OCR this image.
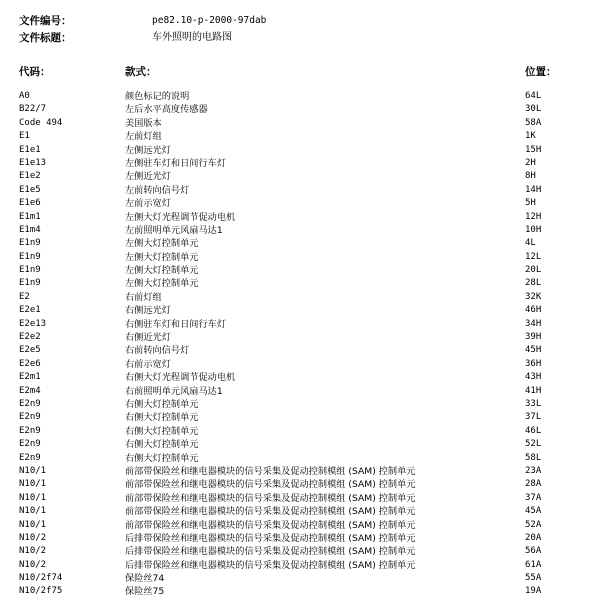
文件编号：	pe82.10-p-2000-97dab
文件标题：	车外照明的电路图
代码：	款式：	位置：
A0	颜色标记的说明	64L
B22/7	左后水平高度传感器	30L
Code 494	美国版本	58A
E1	左前灯组	1K
E1e1	左侧远光灯	15H
E1e13	左侧驻车灯和日间行车灯	2H
E1e2	左侧近光灯	8H
E1e5	左前转向信号灯	14H
E1e6	左前示宽灯	5H
E1m1	左侧大灯光程调节促动电机	12H
E1m4	左前照明单元风扇马达1	10H
E1n9	左侧大灯控制单元	4L
E1n9	左侧大灯控制单元	12L
E1n9	左侧大灯控制单元	20L
E1n9	左侧大灯控制单元	28L
E2	右前灯组	32K
E2e1	右侧远光灯	46H
E2e13	右侧驻车灯和日间行车灯	34H
E2e2	右侧近光灯	39H
E2e5	右前转向信号灯	45H
E2e6	右前示宽灯	36H
E2m1	右侧大灯光程调节促动电机	43H
E2m4	右前照明单元风扇马达1	41H
E2n9	右侧大灯控制单元	33L
E2n9	右侧大灯控制单元	37L
E2n9	右侧大灯控制单元	46L
E2n9	右侧大灯控制单元	52L
E2n9	右侧大灯控制单元	58L
N10/1	前部带保险丝和继电器模块的信号采集及促动控制模组 (SAM) 控制单元	23A
N10/1	前部带保险丝和继电器模块的信号采集及促动控制模组 (SAM) 控制单元	28A
N10/1	前部带保险丝和继电器模块的信号采集及促动控制模组 (SAM) 控制单元	37A
N10/1	前部带保险丝和继电器模块的信号采集及促动控制模组 (SAM) 控制单元	45A
N10/1	前部带保险丝和继电器模块的信号采集及促动控制模组 (SAM) 控制单元	52A
N10/2	后排带保险丝和继电器模块的信号采集及促动控制模组 (SAM) 控制单元	20A
N10/2	后排带保险丝和继电器模块的信号采集及促动控制模组 (SAM) 控制单元	56A
N10/2	后排带保险丝和继电器模块的信号采集及促动控制模组 (SAM) 控制单元	61A
N10/2f74	保险丝74	55A
N10/2f75	保险丝75	19A
